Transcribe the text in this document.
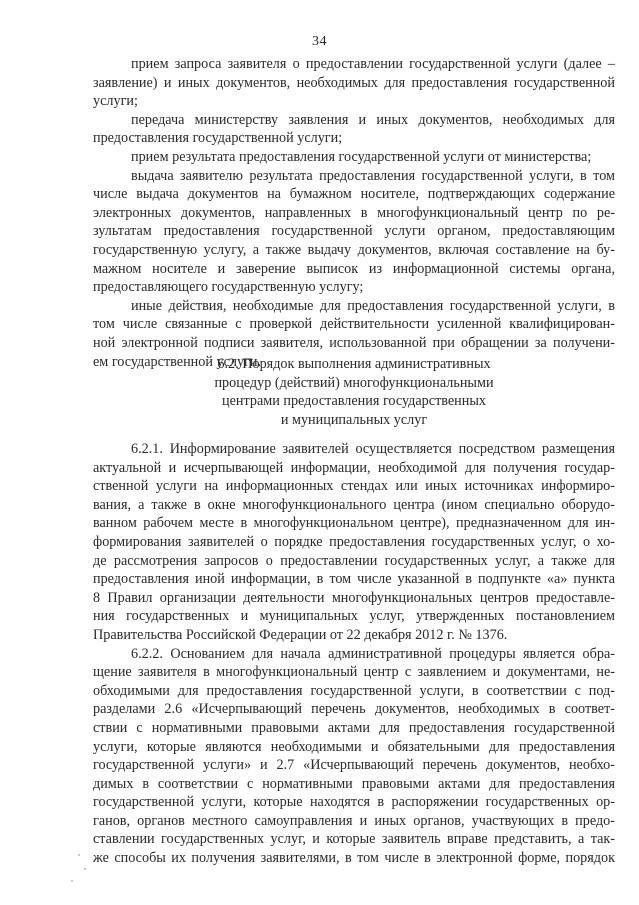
34
прием запроса заявителя о предоставлении государственной услуги (далее –
заявление) и иных документов, необходимых для предоставления государственной
услуги;
передача министерству заявления и иных документов, необходимых для
предоставления государственной услуги;
прием результата предоставления государственной услуги от министерства;
выдача заявителю результата предоставления государственной услуги, в том
числе выдача документов на бумажном носителе, подтверждающих содержание
электронных документов, направленных в многофункциональный центр по ре-
зультатам предоставления государственной услуги органом, предоставляющим
государственную услугу, а также выдачу документов, включая составление на бу-
мажном носителе и заверение выписок из информационной системы органа,
предоставляющего государственную услугу;
иные действия, необходимые для предоставления государственной услуги, в
том числе связанные с проверкой действительности усиленной квалифицирован-
ной электронной подписи заявителя, использованной при обращении за получени-
ем государственной услуги.
6.2. Порядок выполнения административных
процедур (действий) многофункциональными
центрами предоставления государственных
и муниципальных услуг
6.2.1. Информирование заявителей осуществляется посредством размещения
актуальной и исчерпывающей информации, необходимой для получения государ-
ственной услуги на информационных стендах или иных источниках информиро-
вания, а также в окне многофункционального центра (ином специально оборудо-
ванном рабочем месте в многофункциональном центре), предназначенном для ин-
формирования заявителей о порядке предоставления государственных услуг, о хо-
де рассмотрения запросов о предоставлении государственных услуг, а также для
предоставления иной информации, в том числе указанной в подпункте «а» пункта
8 Правил организации деятельности многофункциональных центров предоставле-
ния государственных и муниципальных услуг, утвержденных постановлением
Правительства Российской Федерации от 22 декабря 2012 г. № 1376.
6.2.2. Основанием для начала административной процедуры является обра-
щение заявителя в многофункциональный центр с заявлением и документами, не-
обходимыми для предоставления государственной услуги, в соответствии с под-
разделами 2.6 «Исчерпывающий перечень документов, необходимых в соответ-
ствии с нормативными правовыми актами для предоставления государственной
услуги, которые являются необходимыми и обязательными для предоставления
государственной услуги» и 2.7 «Исчерпывающий перечень документов, необхо-
димых в соответствии с нормативными правовыми актами для предоставления
государственной услуги, которые находятся в распоряжении государственных ор-
ганов, органов местного самоуправления и иных органов, участвующих в предо-
ставлении государственных услуг, и которые заявитель вправе представить, а так-
же способы их получения заявителями, в том числе в электронной форме, порядок
